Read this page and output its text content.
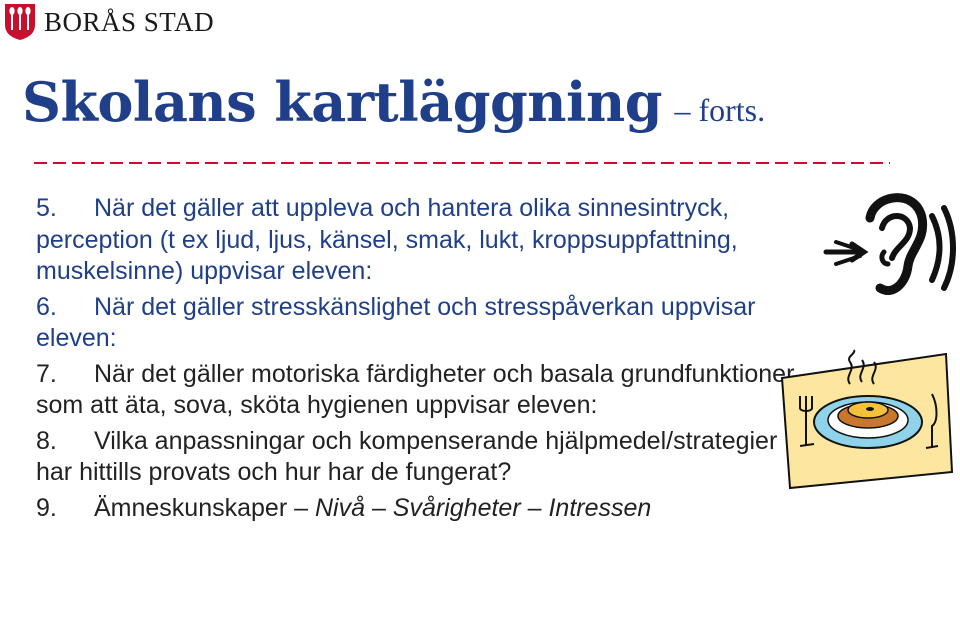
BORÅS STAD
Skolans kartläggning – forts.
5. När det gäller att uppleva och hantera olika sinnesintryck, perception (t ex ljud, ljus, känsel, smak, lukt, kroppsuppfattning, muskelsinne) uppvisar eleven:
6. När det gäller stresskänslighet och stresspåverkan uppvisar eleven:
7. När det gäller motoriska färdigheter och basala grundfunktioner som att äta, sova, sköta hygienen uppvisar eleven:
8. Vilka anpassningar och kompenserande hjälpmedel/strategier har hittills provats och hur har de fungerat?
9. Ämneskunskaper – Nivå – Svårigheter – Intressen
